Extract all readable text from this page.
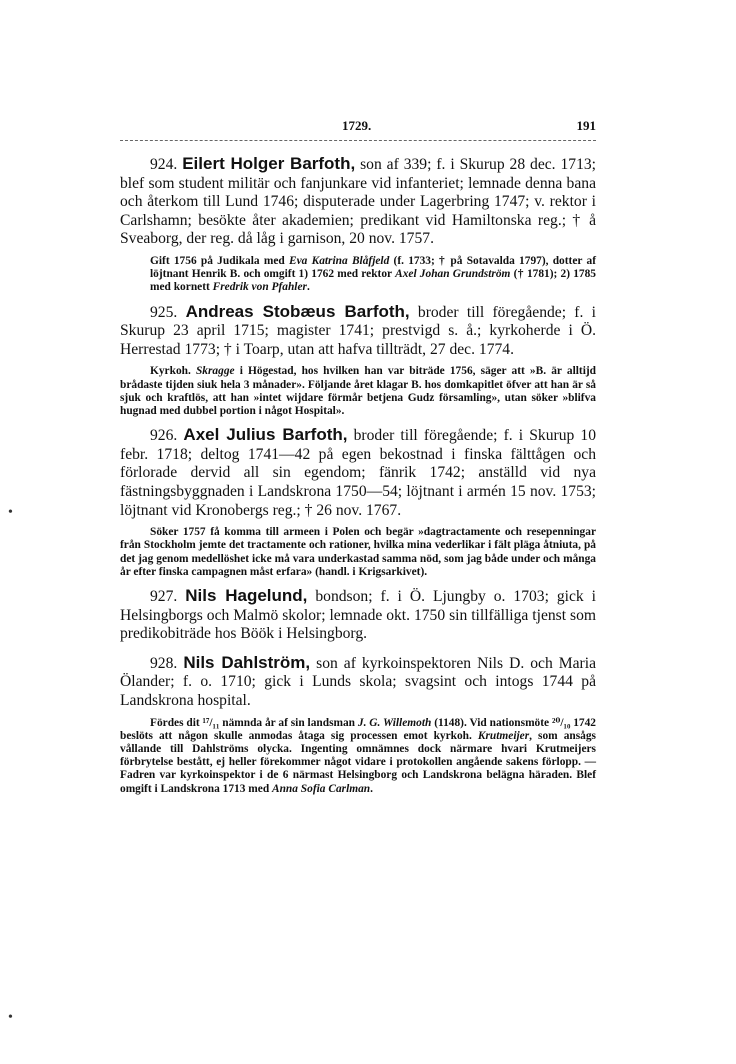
•
•
1729.	191
924. Eilert Holger Barfoth, son af 339; f. i Skurup 28 dec. 1713; blef som student militär och fanjunkare vid infanteriet; lemnade denna bana och återkom till Lund 1746; disputerade under Lagerbring 1747; v. rektor i Carlshamn; besökte åter akademien; predikant vid Hamiltonska reg.; † å Sveaborg, der reg. då låg i garnison, 20 nov. 1757.
Gift 1756 på Judikala med Eva Katrina Blåfjeld (f. 1733; † på Sotavalda 1797), dotter af löjtnant Henrik B. och omgift 1) 1762 med rektor Axel Johan Grundström († 1781); 2) 1785 med kornett Fredrik von Pfahler.
925. Andreas Stobæus Barfoth, broder till föregående; f. i Skurup 23 april 1715; magister 1741; prestvigd s. å.; kyrkoherde i Ö. Herrestad 1773; † i Toarp, utan att hafva tillträdt, 27 dec. 1774.
Kyrkoh. Skragge i Högestad, hos hvilken han var biträde 1756, säger att »B. är alltijd brådaste tijden siuk hela 3 månader». Följande året klagar B. hos domkapitlet öfver att han är så sjuk och kraftlös, att han »intet wijdare förmår betjena Gudz församling», utan söker »blifva hugnad med dubbel portion i något Hospital».
926. Axel Julius Barfoth, broder till föregående; f. i Skurup 10 febr. 1718; deltog 1741—42 på egen bekostnad i finska fälttågen och förlorade dervid all sin egendom; fänrik 1742; anställd vid nya fästningsbyggnaden i Landskrona 1750—54; löjtnant i armén 15 nov. 1753; löjtnant vid Kronobergs reg.; † 26 nov. 1767.
Söker 1757 få komma till armeen i Polen och begär »dagtractamente och resepenningar från Stockholm jemte det tractamente och rationer, hvilka mina vederlikar i fält pläga åtniuta, på det jag genom medellöshet icke må vara underkastad samma nöd, som jag både under och många år efter finska campagnen måst erfara» (handl. i Krigsarkivet).
927. Nils Hagelund, bondson; f. i Ö. Ljungby o. 1703; gick i Helsingborgs och Malmö skolor; lemnade okt. 1750 sin tillfälliga tjenst som predikobiträde hos Böök i Helsingborg.
928. Nils Dahlström, son af kyrkoinspektoren Nils D. och Maria Ölander; f. o. 1710; gick i Lunds skola; svagsint och intogs 1744 på Landskrona hospital.
Fördes dit ¹⁷/₁₁ nämnda år af sin landsman J. G. Willemoth (1148). Vid nationsmöte ²⁰/₁₀ 1742 beslöts att någon skulle anmodas åtaga sig processen emot kyrkoh. Krutmeijer, som ansågs vållande till Dahlströms olycka. Ingenting omnämnes dock närmare hvari Krutmeijers förbrytelse bestått, ej heller förekommer något vidare i protokollen angående sakens förlopp. — Fadren var kyrkoinspektor i de 6 närmast Helsingborg och Landskrona belägna häraden. Blef omgift i Landskrona 1713 med Anna Sofia Carlman.
